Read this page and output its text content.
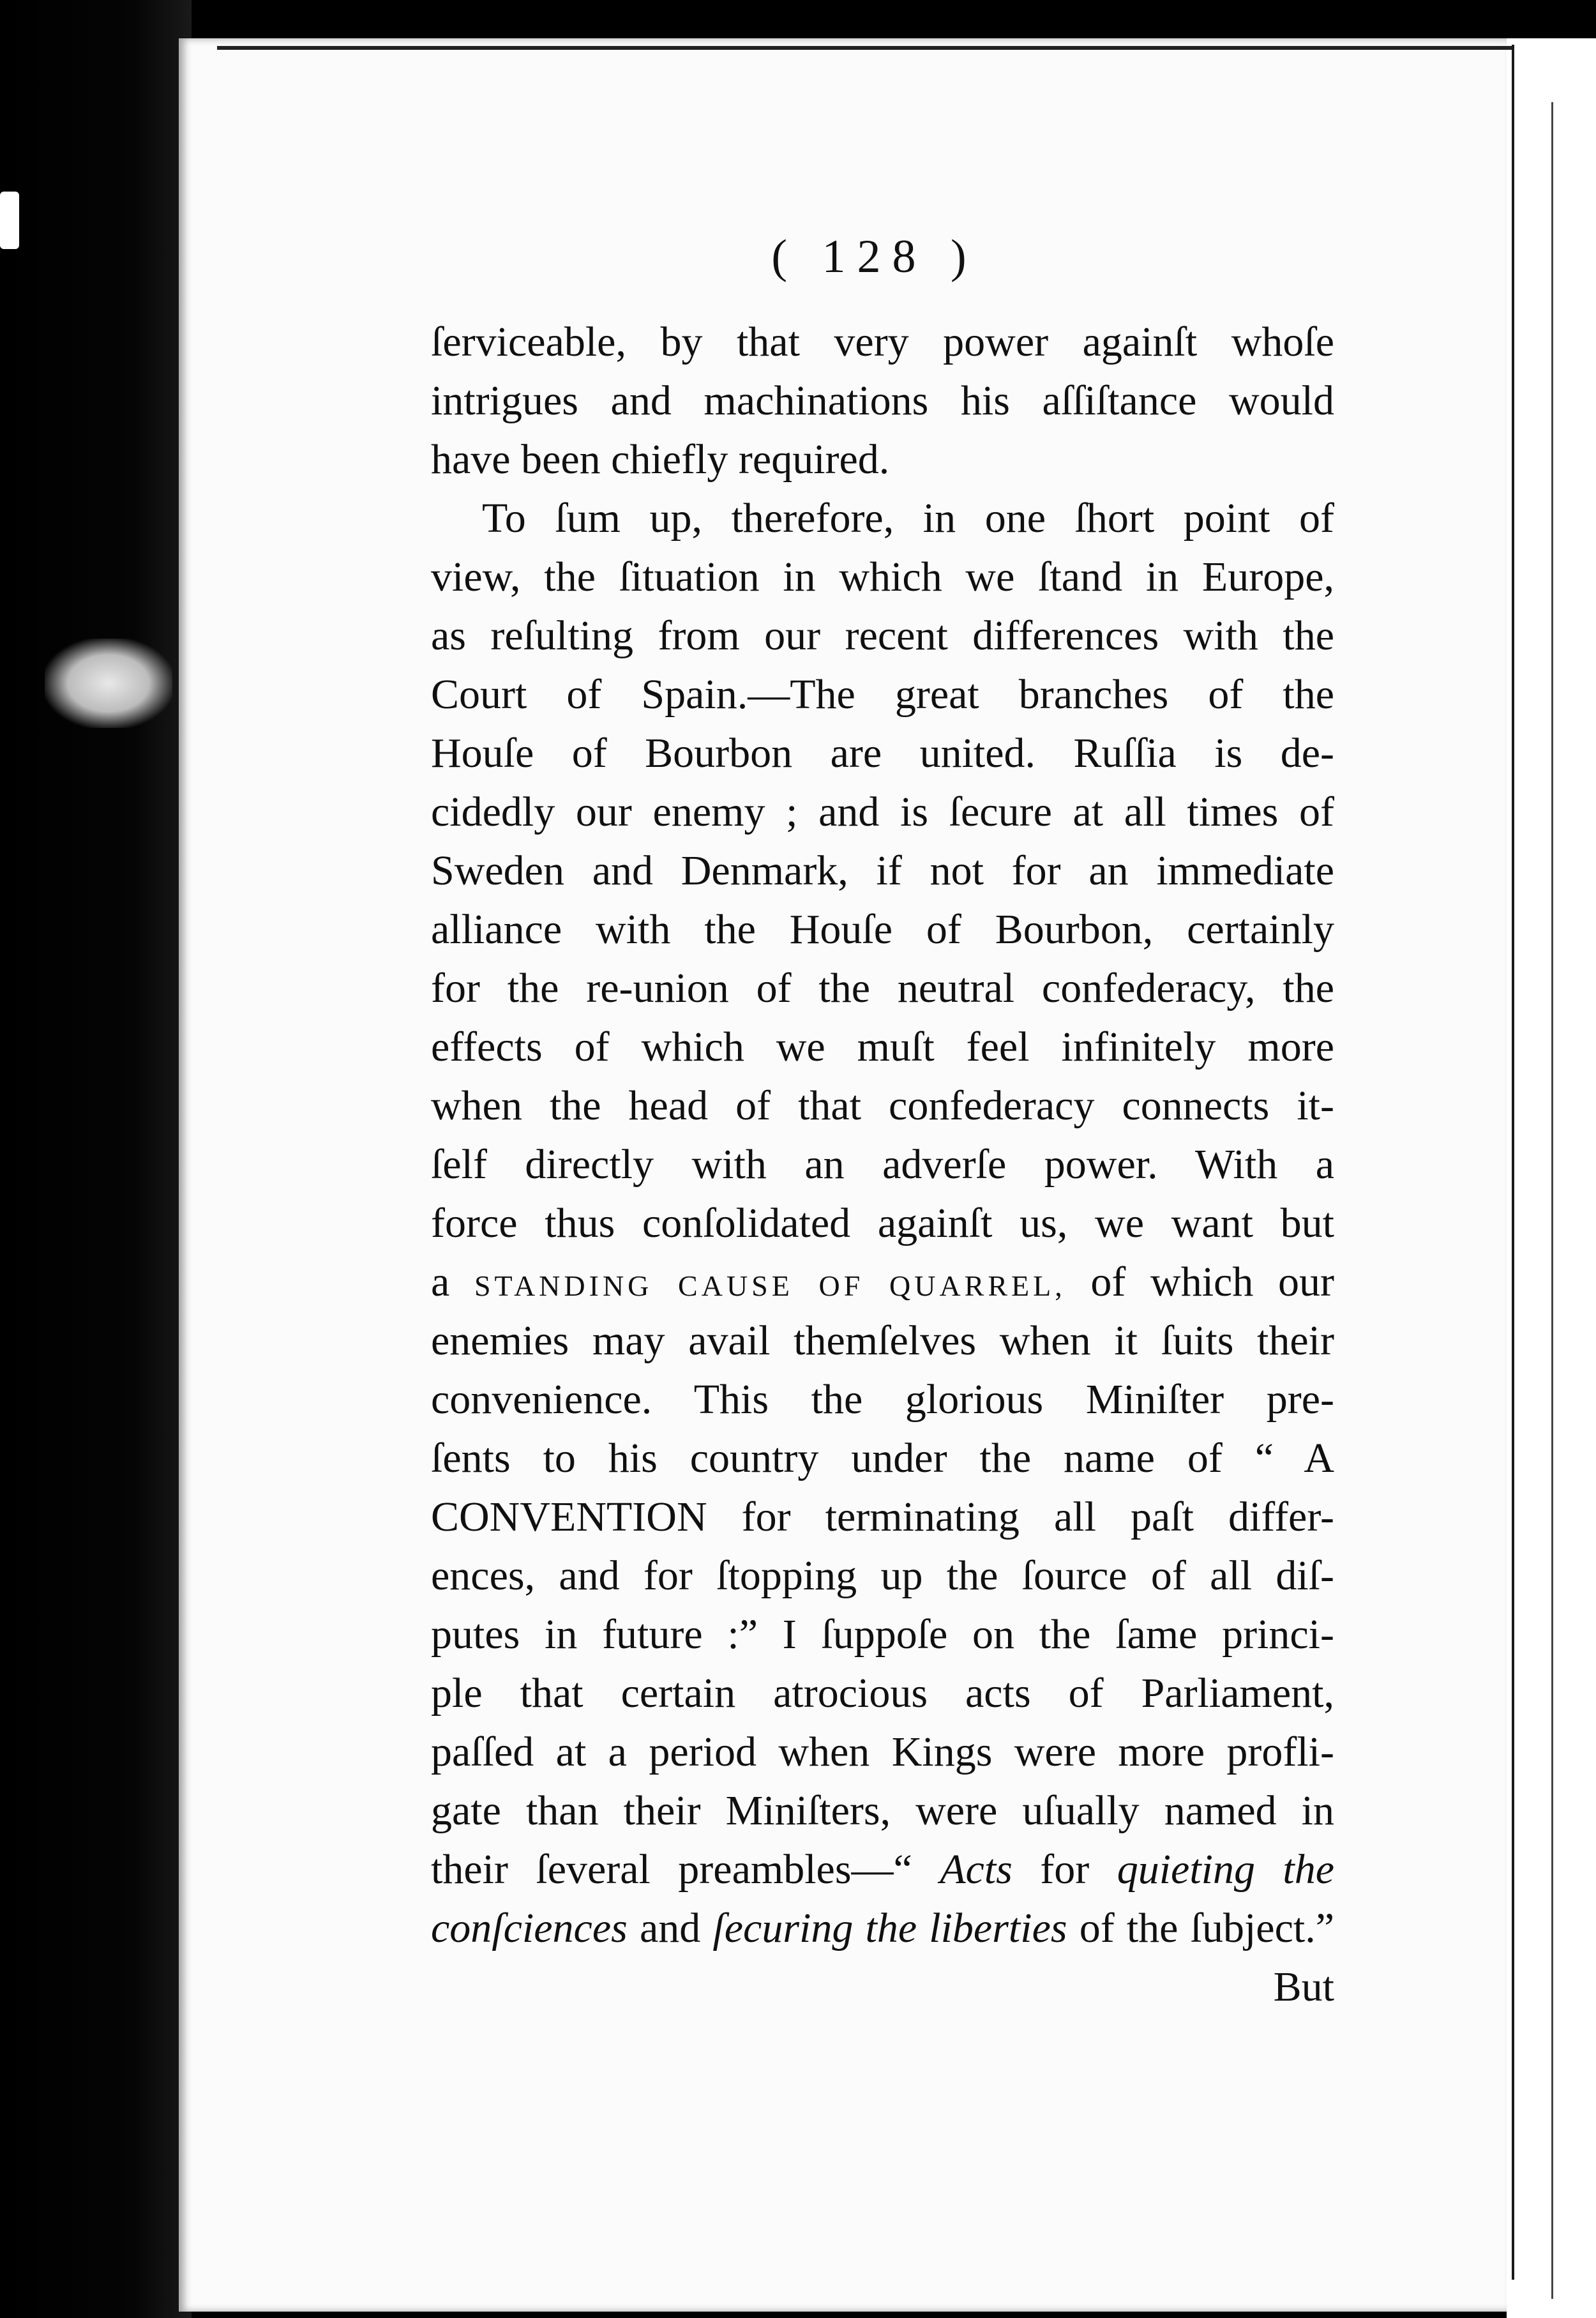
( 128 )
ſerviceable, by that very power againſt whoſe
intrigues and machinations his aſſiſtance would
have been chiefly required.
To ſum up, therefore, in one ſhort point of
view, the ſituation in which we ſtand in Europe,
as reſulting from our recent differences with the
Court of Spain.—The great branches of the
Houſe of Bourbon are united. Ruſſia is de-
cidedly our enemy ; and is ſecure at all times of
Sweden and Denmark, if not for an immediate
alliance with the Houſe of Bourbon, certainly
for the re-union of the neutral confederacy, the
effects of which we muſt feel infinitely more
when the head of that confederacy connects it-
ſelf directly with an adverſe power. With a
force thus conſolidated againſt us, we want but
a STANDING CAUSE OF QUARREL, of which our
enemies may avail themſelves when it ſuits their
convenience. This the glorious Miniſter pre-
ſents to his country under the name of “ A
CONVENTION for terminating all paſt differ-
ences, and for ſtopping up the ſource of all diſ-
putes in future :” I ſuppoſe on the ſame princi-
ple that certain atrocious acts of Parliament,
paſſed at a period when Kings were more profli-
gate than their Miniſters, were uſually named in
their ſeveral preambles—“ Acts for quieting the
conſciences and ſecuring the liberties of the ſubject.”
But
